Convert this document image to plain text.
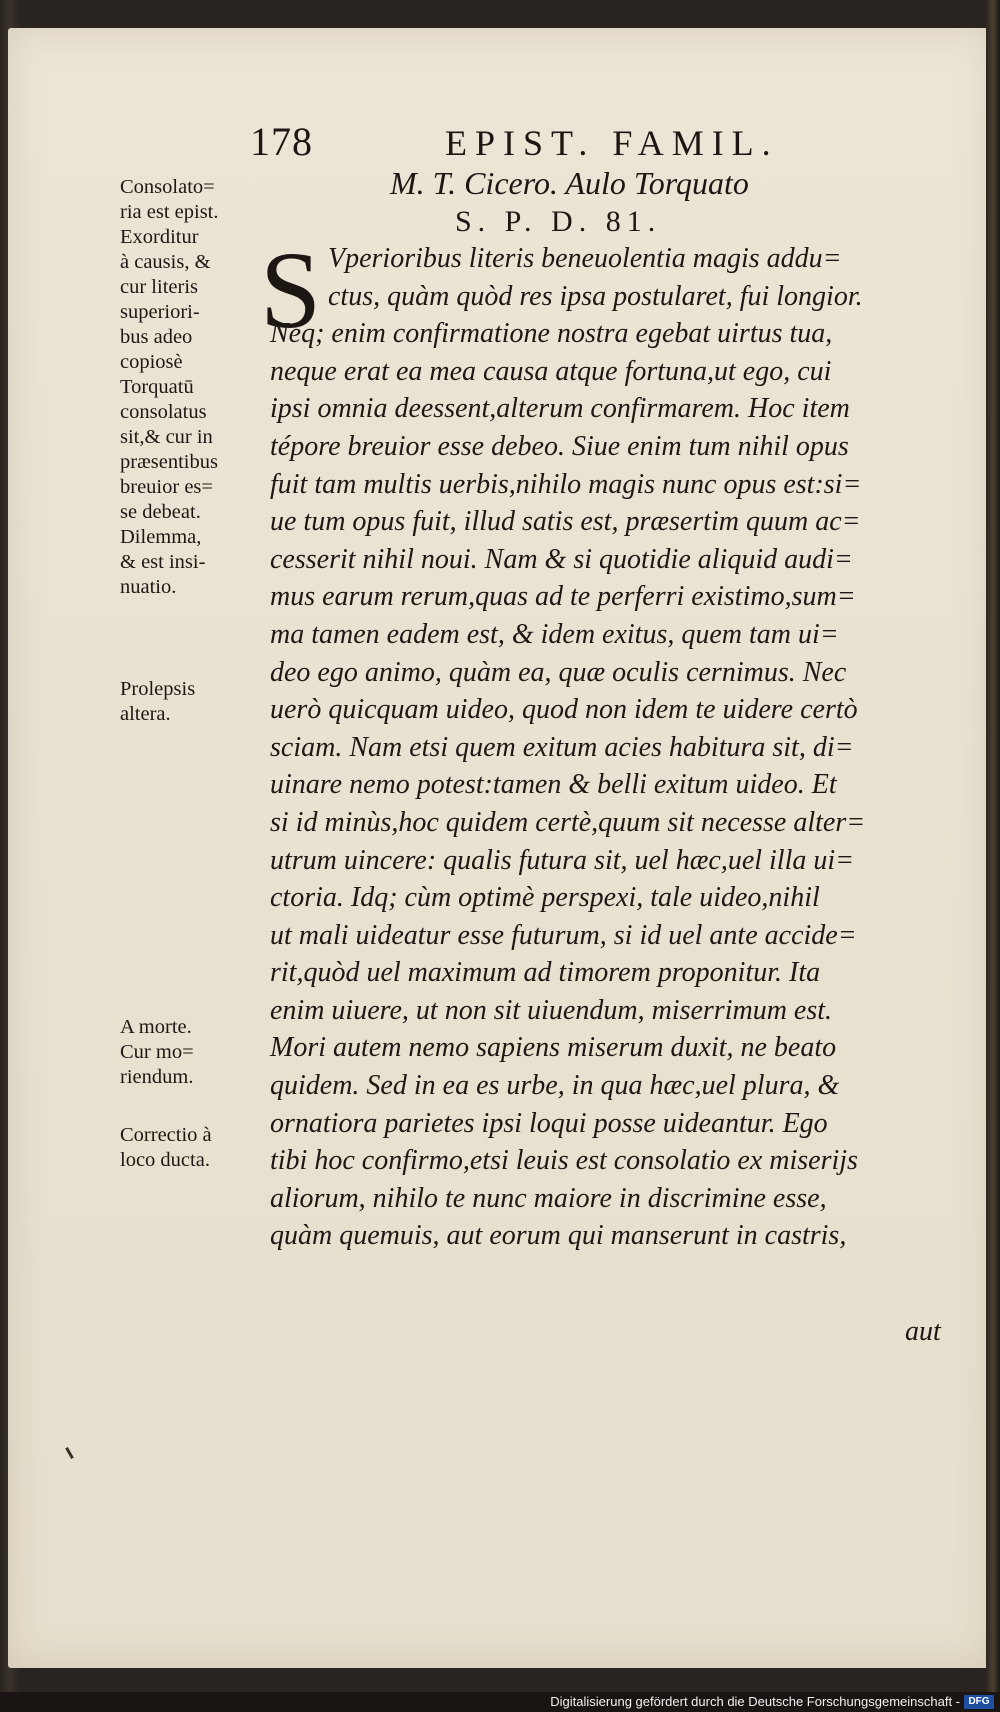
178	EPIST. FAMIL.
M. T. Cicero. Aulo Torquato
S. P. D. 81.
S Vperioribus literis beneuolentia magis addu=
ctus, quàm quòd res ipsa postularet, fui longior.
Neq; enim confirmatione nostra egebat uirtus tua,
neque erat ea mea causa atque fortuna,ut ego, cui
ipsi omnia deessent,alterum confirmarem. Hoc item
tépore breuior esse debeo. Siue enim tum nihil opus
fuit tam multis uerbis,nihilo magis nunc opus est:si=
ue tum opus fuit, illud satis est, præsertim quum ac=
cesserit nihil noui. Nam & si quotidie aliquid audi=
mus earum rerum,quas ad te perferri existimo,sum=
ma tamen eadem est, & idem exitus, quem tam ui=
deo ego animo, quàm ea, quæ oculis cernimus. Nec
uerò quicquam uideo, quod non idem te uidere certò
sciam. Nam etsi quem exitum acies habitura sit, di=
uinare nemo potest:tamen & belli exitum uideo. Et
si id minùs,hoc quidem certè,quum sit necesse alter=
utrum uincere: qualis futura sit, uel hæc,uel illa ui=
ctoria. Idq; cùm optimè perspexi, tale uideo,nihil
ut mali uideatur esse futurum, si id uel ante accide=
rit,quòd uel maximum ad timorem proponitur. Ita
enim uiuere, ut non sit uiuendum, miserrimum est.
Mori autem nemo sapiens miserum duxit, ne beato
quidem. Sed in ea es urbe, in qua hæc,uel plura, &
ornatiora parietes ipsi loqui posse uideantur. Ego
tibi hoc confirmo,etsi leuis est consolatio ex miserijs
aliorum, nihilo te nunc maiore in discrimine esse,
quàm quemuis, aut eorum qui manserunt in castris,
aut
Consolato=
ria est epist.
Exorditur
à causis, &
cur literis
superiori-
bus adeo
copiosè
Torquatū
consolatus
sit,& cur in
præsentibus
breuior es=
se debeat.
Dilemma,
& est insi-
nuatio.
Prolepsis
altera.
A morte.
Cur mo=
riendum.
Correctio à
loco ducta.
Digitalisierung gefördert durch die Deutsche Forschungsgemeinschaft - DFG
